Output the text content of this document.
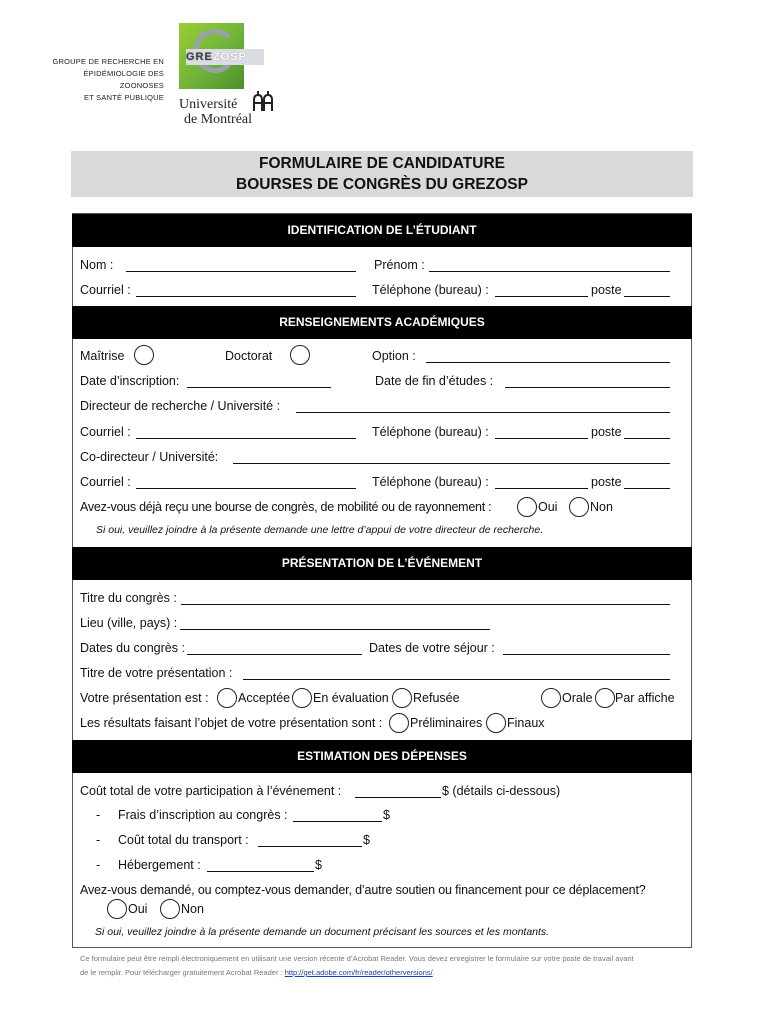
GROUPE DE RECHERCHE EN
ÉPIDÉMIOLOGIE DES ZOONOSES
ET SANTÉ PUBLIQUE
GREZOSP
Université
de Montréal
FORMULAIRE DE CANDIDATURE
BOURSES DE CONGRÈS DU GREZOSP
IDENTIFICATION DE L’ÉTUDIANT
Nom :	Prénom :
Courriel :	Téléphone (bureau) :	poste
RENSEIGNEMENTS ACADÉMIQUES
Maîtrise	Doctorat	Option :
Date d’inscription:	Date de fin d’études :
Directeur de recherche / Université :
Courriel :	Téléphone (bureau) :	poste
Co-directeur / Université:
Courriel :	Téléphone (bureau) :	poste
Avez-vous déjà reçu une bourse de congrès, de mobilité ou de rayonnement :	Oui	Non
Si oui, veuillez joindre à la présente demande une lettre d’appui de votre directeur de recherche.
PRÉSENTATION DE L’ÉVÉNEMENT
Titre du congrès :
Lieu (ville, pays) :
Dates du congrès :	Dates de votre séjour :
Titre de votre présentation :
Votre présentation est : Acceptée En évaluation Refusée	Orale Par affiche
Les résultats faisant l’objet de votre présentation sont :	Préliminaires Finaux
ESTIMATION DES DÉPENSES
Coût total de votre participation à l’événement :	$ (détails ci-dessous)
- Frais d’inscription au congrès :	$
- Coût total du transport :	$
- Hébergement :	$
Avez-vous demandé, ou comptez-vous demander, d’autre soutien ou financement pour ce déplacement?
Oui	Non
Si oui, veuillez joindre à la présente demande un document précisant les sources et les montants.
Ce formulaire peut être rempli électroniquement en utilisant une version récente d’Acrobat Reader. Vous devez enregistrer le formulaire sur votre poste de travail avant
de le remplir. Pour télécharger gratuitement Acrobat Reader : http://get.adobe.com/fr/reader/otherversions/.
